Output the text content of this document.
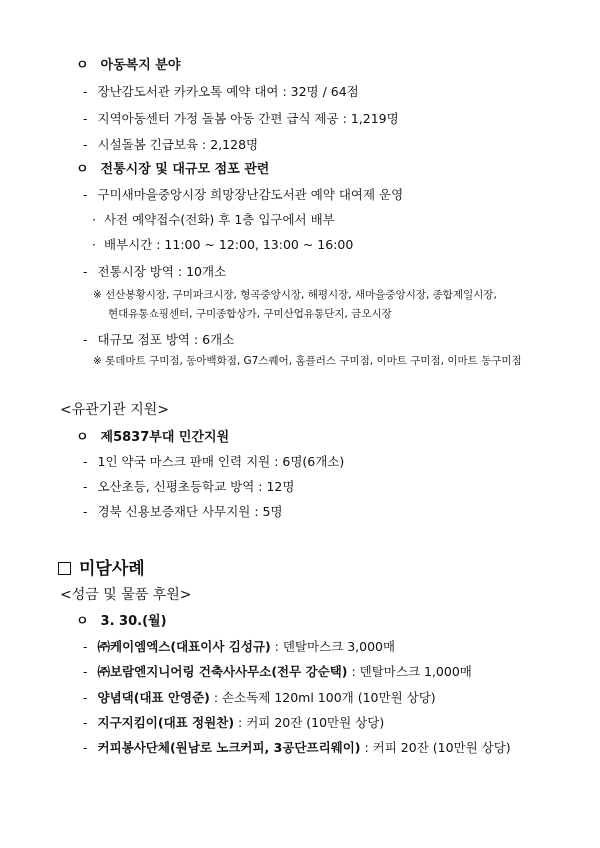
ㅇ 아동복지 분야
- 장난감도서관 카카오톡 예약 대여 : 32명 / 64점
- 지역아동센터 가정 돌봄 아동 간편 급식 제공 : 1,219명
- 시설돌봄 긴급보육 : 2,128명
ㅇ 전통시장 및 대규모 점포 관련
- 구미새마을중앙시장 희망장난감도서관 예약 대여제 운영
· 사전 예약접수(전화) 후 1층 입구에서 배부
· 배부시간 : 11:00 ~ 12:00, 13:00 ~ 16:00
- 전통시장 방역 : 10개소
※ 선산봉황시장, 구미파크시장, 형곡중앙시장, 해평시장, 새마을중앙시장, 종합제일시장,
현대유통쇼핑센터, 구미종합상가, 구미산업유통단지, 금오시장
- 대규모 점포 방역 : 6개소
※ 롯데마트 구미점, 동아백화점, G7스퀘어, 홈플러스 구미점, 이마트 구미점, 이마트 동구미점
<유관기관 지원>
ㅇ 제5837부대 민간지원
- 1인 약국 마스크 판매 인력 지원 : 6명(6개소)
- 오산초등, 신평초등학교 방역 : 12명
- 경북 신용보증재단 사무지원 : 5명
미담사례
<성금 및 물품 후원>
ㅇ 3. 30.(월)
- ㈜케이엠엑스(대표이사 김성규) : 덴탈마스크 3,000매
- ㈜보람엔지니어링 건축사사무소(전무 강순택) : 덴탈마스크 1,000매
- 양념댁(대표 안영준) : 손소독제 120ml 100개 (10만원 상당)
- 지구지킴이(대표 정원찬) : 커피 20잔 (10만원 상당)
- 커피봉사단체(원남로 노크커피, 3공단프리웨이) : 커피 20잔 (10만원 상당)
